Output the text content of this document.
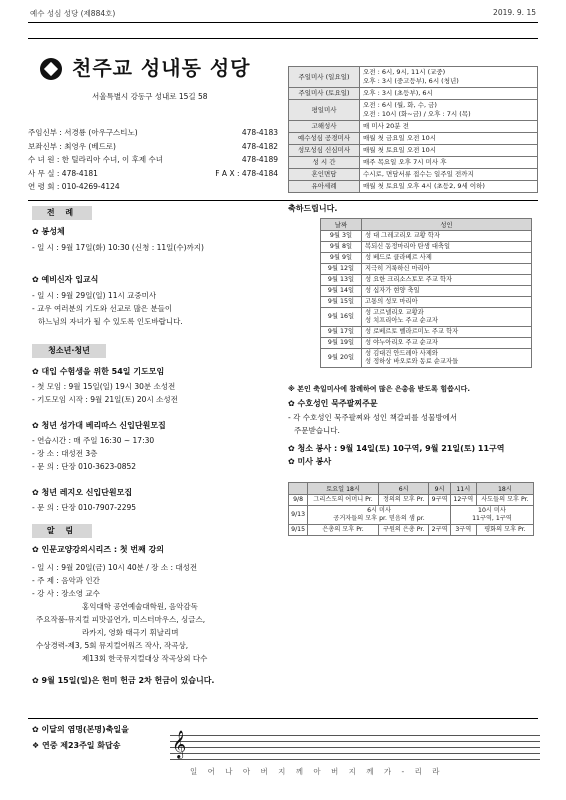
예수 성심 성당 (제884호)	2019. 9. 15
천주교 성내동 성당
서울특별시 강동구 성내로 15길 58
주임신부 : 서경룡 (아우구스티노)	478-4183
보좌신부 : 최영우 (베드로)	478-4182
수 녀 원 : 한 틸라리아 수녀, 이 후제 수녀	478-4189
사 무 실 : 478-4181	F A X : 478-4184
연 령 회 : 010-4269-4124
주일미사 (일요일)	오전 : 6시, 9시, 11시 (교중)
오후 : 3시 (중고등부), 6시 (청년)
주일미사 (토요일)	오후 : 3시 (초등부), 6시
평일미사	오전 : 6시 (월, 화, 수, 금)
오전 : 10시 (화~금) / 오후 : 7시 (목)
고해성사	매 미사 20분 전
예수성심 공경미사	매월 첫 금요일 오전 10시
성모성심 신심미사	매월 첫 토요일 오전 10시
성 시 간	매주 목요일 오후 7시 미사 후
혼인면담	수시로, 면담서류 접수는 일주일 전까지
유아세례	매월 첫 토요일 오후 4시 (초등2, 9세 이하)
전 례
✿ 봉성체
- 일 시 : 9월 17일(화) 10:30 (신청 : 11일(수)까지)
✿ 예비신자 입교식
- 일 시 : 9월 29일(일) 11시 교중미사
- 교우 여러분의 기도와 선교로 많은 분들이
하느님의 자녀가 될 수 있도록 인도바랍니다.
청소년·청년
✿ 대입 수험생을 위한 54일 기도모임
- 첫 모임 : 9월 15일(일) 19시 30분 소성전
- 기도모임 시작 : 9월 21일(토) 20시 소성전
✿ 청년 성가대 베리따스 신입단원모집
- 연습시간 : 매 주일 16:30 ~ 17:30
- 장 소 : 대성전 3층
- 문 의 : 단장 010-3623-0852
✿ 청년 레지오 신입단원모집
- 문 의 : 단장 010-7907-2295
알 림
✿ 인문교양강의시리즈 : 첫 번째 강의
- 일 시 : 9월 20일(금) 10시 40분 / 장 소 : 대성전
- 주 제 : 음악과 인간
- 강 사 : 장소영 교수
홍익대학 공연예술대학원, 음악감독
주요작품-뮤지컬 피맛골연가, 미스터마우스, 싱글스,
라카지, 영화 태극기 휘날리며
수상경력-제3, 5회 뮤지컬어워즈 작사, 작곡상,
제13회 한국뮤지컬대상 작곡상외 다수
✿ 9월 15일(일)은 헌미 헌금 2차 헌금이 있습니다.
축하드립니다.
날짜	성인
9월 3일	성 대 그레고리오 교황 학자
9월 8일	복되신 동정마리아 탄생 대축일
9월 9일	성 베드로 클라베르 사제
9월 12일	지극히 거룩하신 마리아
9월 13일	성 요한 크리소스토모 주교 학자
9월 14일	성 십자가 현양 축일
9월 15일	고통의 성모 마리아
9월 16일	성 고르넬리오 교황과
성 치프리아노 주교 순교자
9월 17일	성 로베르토 벨라르미노 주교 학자
9월 19일	성 야누아리오 주교 순교자
9월 20일	성 김대건 안드레아 사제와
성 정하상 바오로와 동료 순교자들
※ 본인 축일미사에 참례하여 많은 은총을 받도록 힘씁시다.
✿ 수호성인 묵주팔찌주문
- 각 수호성인 묵주팔찌와 성인 책갈피를 성물방에서
주문받습니다.
✿ 청소 봉사 : 9월 14일(토) 10구역, 9월 21일(토) 11구역
✿ 미사 봉사
	토요일 18시	6시	9시	11시	18시
9/8	그리스도의 어머니 Pr.	정의의 모후 Pr.	9구역	12구역	사도들의 모후 Pr.
9/13	6시 미사
공거자들의 모후 pr. 믿음의 샘 pr.			10시 미사
11구역, 1구역	
9/15	은총의 모후 Pr.	구원의 은총 Pr.	2구역	3구역	평화의 모후 Pr.
✿ 이달의 염명(본명)축일을
❖ 연중 제23주일 화답송 𝄞
일 어 나 아 버 지 께 아 버 지 께 가 - 리 라
